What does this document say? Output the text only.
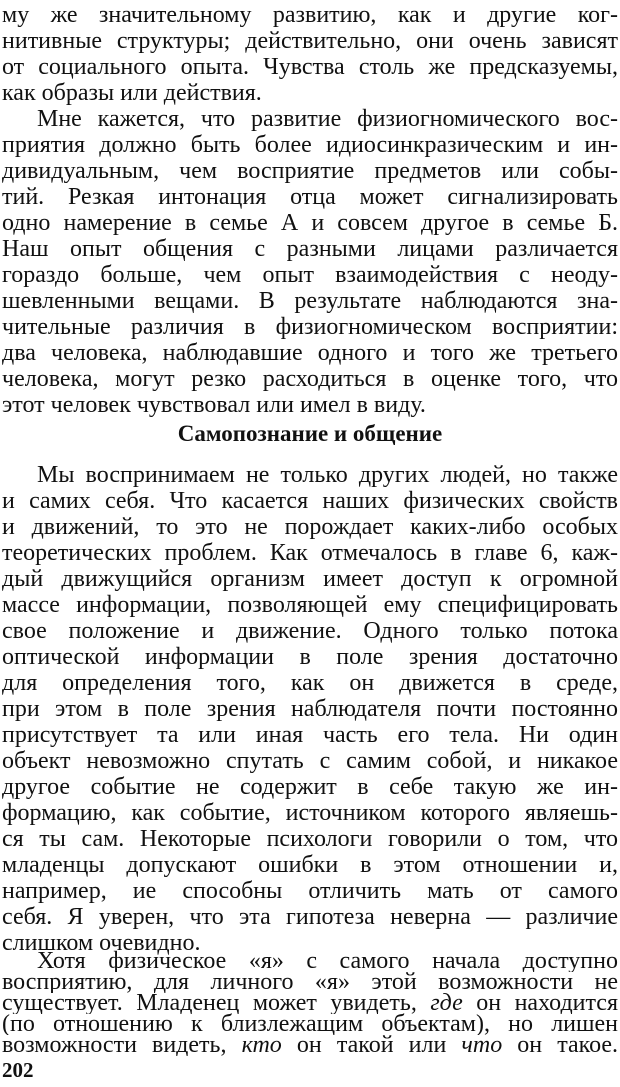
му же значительному развитию, как и другие ког-
нитивные структуры; действительно, они очень зависят
от социального опыта. Чувства столь же предсказуемы,
как образы или действия.
Мне кажется, что развитие физиогномического вос-
приятия должно быть более идиосинкразическим и ин-
дивидуальным, чем восприятие предметов или собы-
тий. Резкая интонация отца может сигнализировать
одно намерение в семье А и совсем другое в семье Б.
Наш опыт общения с разными лицами различается
гораздо больше, чем опыт взаимодействия с неоду-
шевленными вещами. В результате наблюдаются зна-
чительные различия в физиогномическом восприятии:
два человека, наблюдавшие одного и того же третьего
человека, могут резко расходиться в оценке того, что
этот человек чувствовал или имел в виду.
Самопознание и общение
Мы воспринимаем не только других людей, но также
и самих себя. Что касается наших физических свойств
и движений, то это не порождает каких-либо особых
теоретических проблем. Как отмечалось в главе 6, каж-
дый движущийся организм имеет доступ к огромной
массе информации, позволяющей ему специфицировать
свое положение и движение. Одного только потока
оптической информации в поле зрения достаточно
для определения того, как он движется в среде,
при этом в поле зрения наблюдателя почти постоянно
присутствует та или иная часть его тела. Ни один
объект невозможно спутать с самим собой, и никакое
другое событие не содержит в себе такую же ин-
формацию, как событие, источником которого являешь-
ся ты сам. Некоторые психологи говорили о том, что
младенцы допускают ошибки в этом отношении и,
например, ие способны отличить мать от самого
себя. Я уверен, что эта гипотеза неверна — различие
слишком очевидно.
Хотя физическое «я» с самого начала доступно
восприятию, для личного «я» этой возможности не
существует. Младенец может увидеть, где он находится
(по отношению к близлежащим объектам), но лишен
202
возможности видеть, кто он такой или что он такое.
